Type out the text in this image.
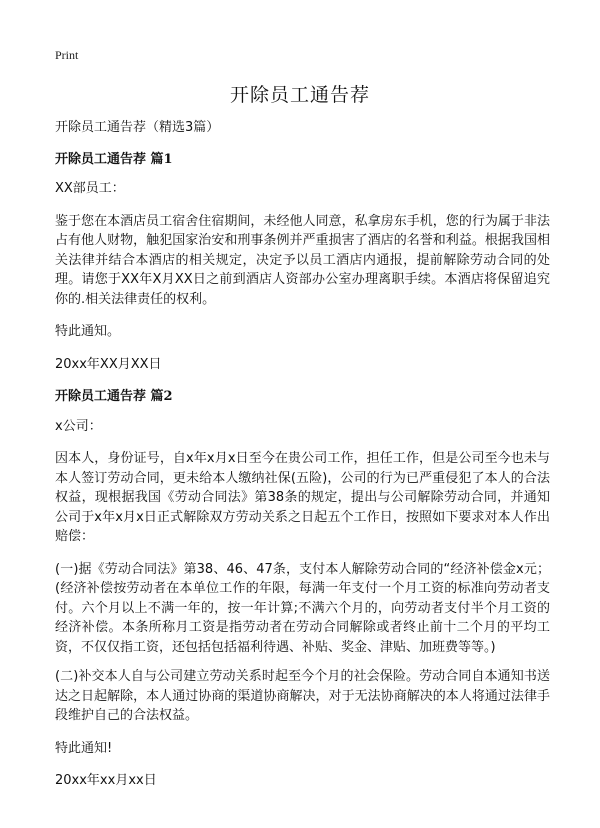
Print
开除员工通告荐

开除员工通告荐（精选3篇）

开除员工通告荐 篇1

XX部员工：

鉴于您在本酒店员工宿舍住宿期间，未经他人同意，私拿房东手机，您的行为属于非法占有他人财物，触犯国家治安和刑事条例并严重损害了酒店的名誉和利益。根据我国相关法律并结合本酒店的相关规定，决定予以员工酒店内通报，提前解除劳动合同的处理。请您于XX年X月XX日之前到酒店人资部办公室办理离职手续。本酒店将保留追究你的.相关法律责任的权利。

特此通知。

20xx年XX月XX日

开除员工通告荐 篇2

x公司：

因本人，身份证号，自x年x月x日至今在贵公司工作，担任工作，但是公司至今也未与本人签订劳动合同，更未给本人缴纳社保(五险)，公司的行为已严重侵犯了本人的合法权益，现根据我国《劳动合同法》第38条的规定，提出与公司解除劳动合同，并通知公司于x年x月x日正式解除双方劳动关系之日起五个工作日，按照如下要求对本人作出赔偿：

(一)据《劳动合同法》第38、46、47条，支付本人解除劳动合同的“经济补偿金x元；(经济补偿按劳动者在本单位工作的年限，每满一年支付一个月工资的标准向劳动者支付。六个月以上不满一年的，按一年计算;不满六个月的，向劳动者支付半个月工资的经济补偿。本条所称月工资是指劳动者在劳动合同解除或者终止前十二个月的平均工资，不仅仅指工资，还包括包括福利待遇、补贴、奖金、津贴、加班费等等。)

(二)补交本人自与公司建立劳动关系时起至今个月的社会保险。劳动合同自本通知书送达之日起解除，本人通过协商的渠道协商解决，对于无法协商解决的本人将通过法律手段维护自己的合法权益。

特此通知!

20xx年xx月xx日
